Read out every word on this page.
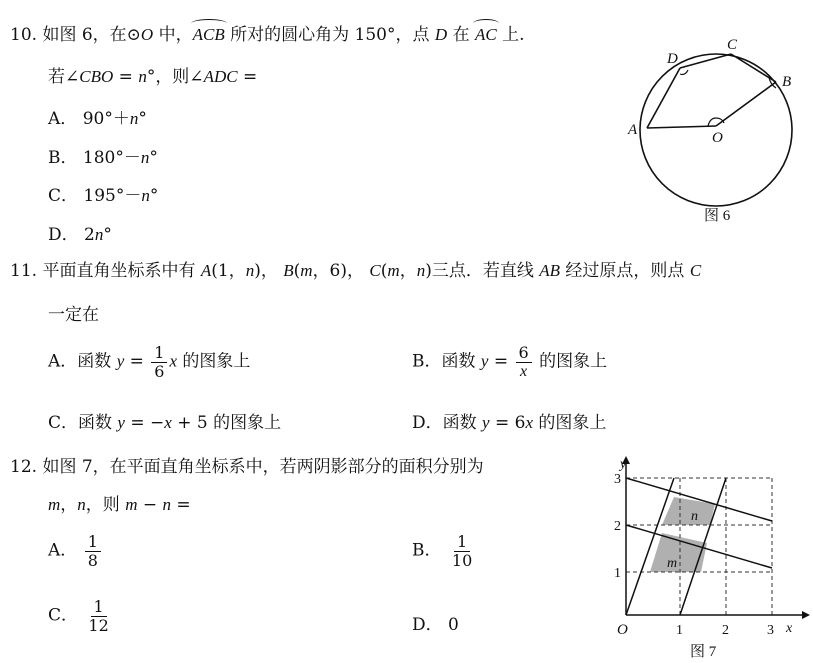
10. 如图 6，在⊙O 中，ACB 所对的圆心角为 150°，点 D 在 AC 上.
若∠CBO = n°，则∠ADC =
A． 90°＋n°
B． 180°－n°
C． 195°－n°
D． 2n°
A
B
C
D
O
图 6
11. 平面直角坐标系中有 A(1，n)， B(m，6)， C(m，n)三点．若直线 AB 经过原点，则点 C
一定在
A．函数 $y = \frac{1}{6}$ x 的图象上	B．函数 $y = \frac{6}{x}$ 的图象上
C．函数 y = −x + 5 的图象上	D．函数 y = 6x 的图象上
12. 如图 7，在平面直角坐标系中，若两阴影部分的面积分别为
m，n，则 m − n =
A． $\frac{1}{8}$	B． $\frac{1}{10}$
C． $\frac{1}{12}$	D． 0
y
x
O	1	2	3
1
2
3
m
n
图 7
